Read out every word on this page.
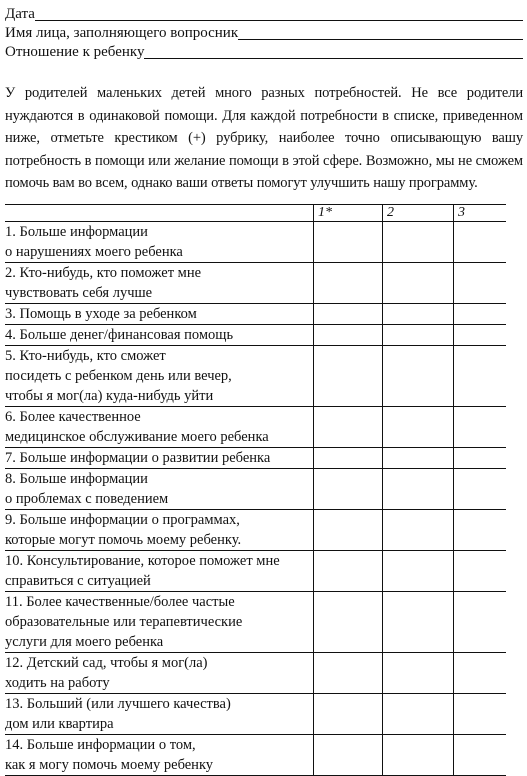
Дата
Имя лица, заполняющего вопросник
Отношение к ребенку
У родителей маленьких детей много разных потребностей. Не все родители нуждаются в одинаковой помощи. Для каждой потребности в списке, приведенном ниже, отметьте крестиком (+) рубрику, наиболее точно описывающую вашу потребность в помощи или желание помощи в этой сфере. Возможно, мы не сможем помочь вам во всем, однако ваши ответы помогут улучшить нашу программу.
	1*	2	3

1. Больше информации
о нарушениях моего ребенка			

2. Кто-нибудь, кто поможет мне
чувствовать себя лучше			

3. Помощь в уходе за ребенком			

4. Больше денег/финансовая помощь			

5. Кто-нибудь, кто сможет
посидеть с ребенком день или вечер,
чтобы я мог(ла) куда-нибудь уйти			

6. Более качественное
медицинское обслуживание моего ребенка			

7. Больше информации о развитии ребенка			

8. Больше информации
о проблемах с поведением			

9. Больше информации о программах,
которые могут помочь моему ребенку.			

10. Консультирование, которое поможет мне
справиться с ситуацией			

11. Более качественные/более частые
образовательные или терапевтические
услуги для моего ребенка			

12. Детский сад, чтобы я мог(ла)
ходить на работу			

13. Больший (или лучшего качества)
дом или квартира			

14. Больше информации о том,
как я могу помочь моему ребенку			
